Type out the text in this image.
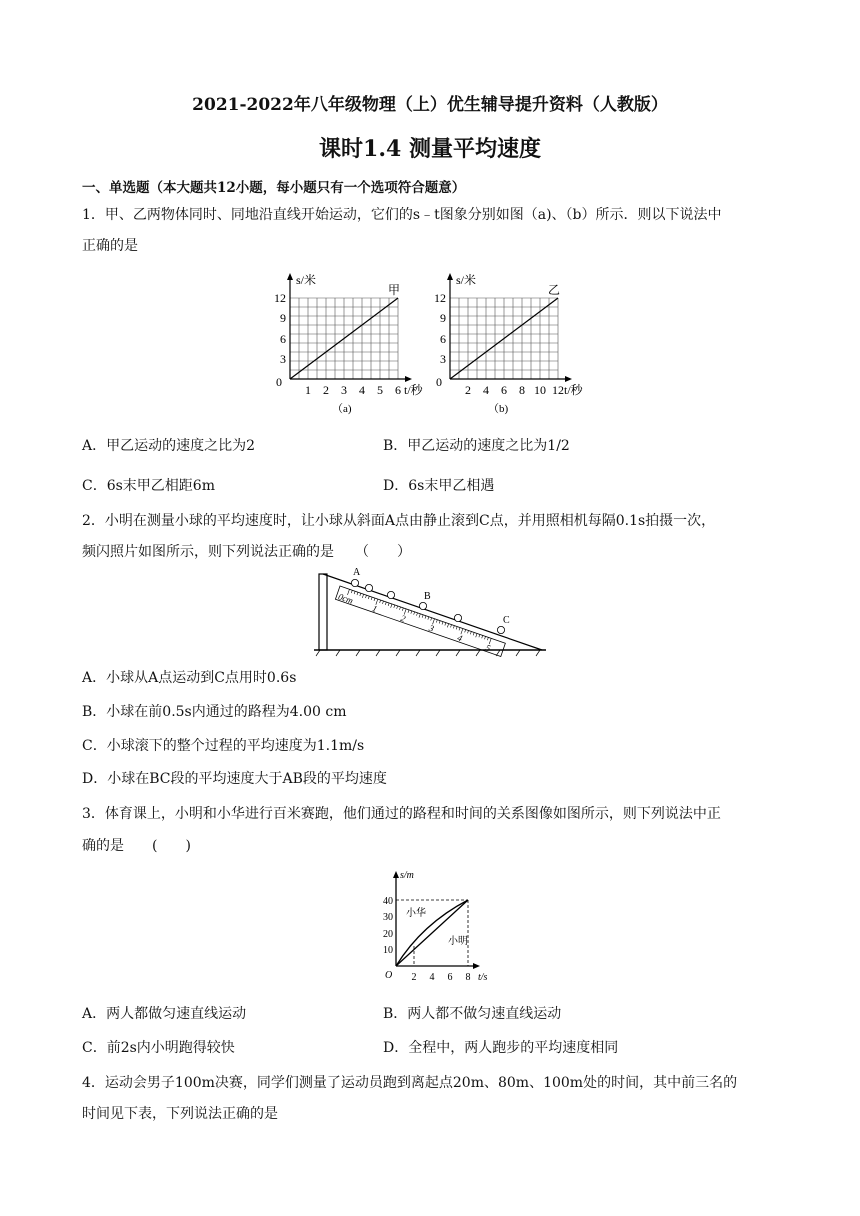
2021-2022年八年级物理（上）优生辅导提升资料（人教版）
课时1.4 测量平均速度
一、单选题（本大题共12小题，每小题只有一个选项符合题意）
1．甲、乙两物体同时、同地沿直线开始运动，它们的s﹣t图象分别如图（a)、（b）所示．则以下说法中
正确的是
s/米
甲
t/秒
0
（a)
12
9
6
3
1 2 3 4 5 6
s/米
乙
t/秒
0
（b)
12
9
6
3
2 4 6 8 10 12
A．甲乙运动的速度之比为2	B．甲乙运动的速度之比为1/2
C．6s末甲乙相距6m	D．6s末甲乙相遇
2．小明在测量小球的平均速度时，让小球从斜面A点由静止滚到C点，并用照相机每隔0.1s拍摄一次，
频闪照片如图所示，则下列说法正确的是　　（　　）
0cm
1
2
3
4
5
A
B
C
A．小球从A点运动到C点用时0.6s
B．小球在前0.5s内通过的路程为4.00 cm
C．小球滚下的整个过程的平均速度为1.1m/s
D．小球在BC段的平均速度大于AB段的平均速度
3．体育课上，小明和小华进行百米赛跑，他们通过的路程和时间的关系图像如图所示，则下列说法中正
确的是　　(　　)
s/m
t/s
O
小华
小明
40
30
20
10
2 4 6 8
A．两人都做匀速直线运动	B．两人都不做匀速直线运动
C．前2s内小明跑得较快	D．全程中，两人跑步的平均速度相同
4．运动会男子100m决赛，同学们测量了运动员跑到离起点20m、80m、100m处的时间，其中前三名的
时间见下表，下列说法正确的是
